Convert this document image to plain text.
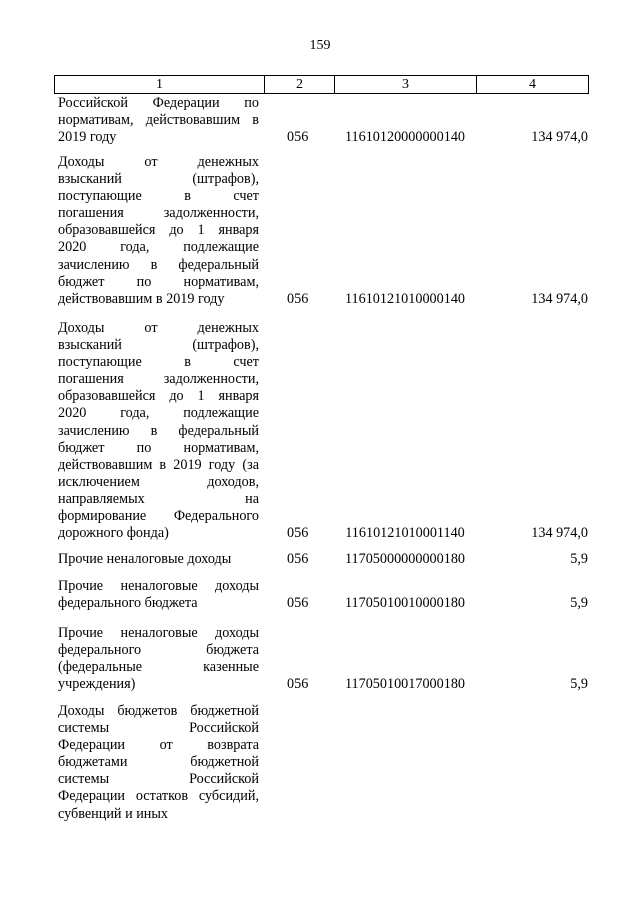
159
1	2	3	4
Российской Федерации по
нормативам, действовавшим в
2019 году	056	11610120000000140	134 974,0
Доходы от денежных
взысканий (штрафов),
поступающие в счет
погашения задолженности,
образовавшейся до 1 января
2020 года, подлежащие
зачислению в федеральный
бюджет по нормативам,
действовавшим в 2019 году	056	11610121010000140	134 974,0
Доходы от денежных
взысканий (штрафов),
поступающие в счет
погашения задолженности,
образовавшейся до 1 января
2020 года, подлежащие
зачислению в федеральный
бюджет по нормативам,
действовавшим в 2019 году (за
исключением доходов,
направляемых на
формирование Федерального
дорожного фонда)	056	11610121010001140	134 974,0
Прочие неналоговые доходы	056	11705000000000180	5,9
Прочие неналоговые доходы
федерального бюджета	056	11705010010000180	5,9
Прочие неналоговые доходы
федерального бюджета
(федеральные казенные
учреждения)	056	11705010017000180	5,9
Доходы бюджетов бюджетной
системы Российской
Федерации от возврата
бюджетами бюджетной
системы Российской
Федерации остатков субсидий,
субвенций и иных
